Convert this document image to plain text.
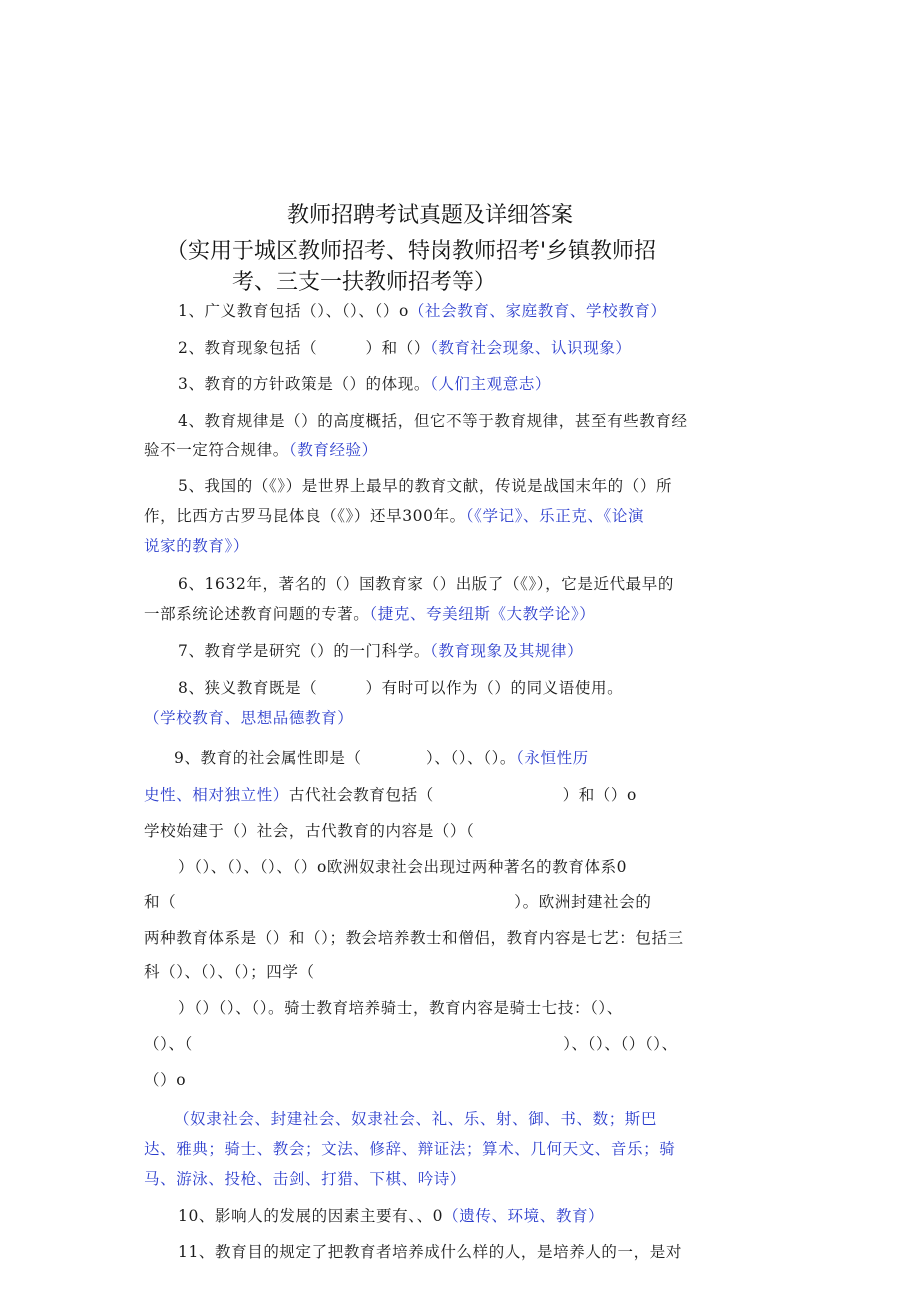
教师招聘考试真题及详细答案
（实用于城区教师招考、特岗教师招考'乡镇教师招
考、三支一扶教师招考等）
1、广义教育包括（）、（）、（）o（社会教育、家庭教育、学校教育）
2、教育现象包括（　　　）和（）（教育社会现象、认识现象）
3、教育的方针政策是（）的体现。（人们主观意志）
4、教育规律是（）的高度概括，但它不等于教育规律，甚至有些教育经
验不一定符合规律。（教育经验）
5、我国的（《》）是世界上最早的教育文献，传说是战国末年的（）所
作，比西方古罗马昆体良（《》）还早300年。（《学记》、乐正克、《论演
说家的教育》）
6、1632年，著名的（）国教育家（）出版了（《》），它是近代最早的
一部系统论述教育问题的专著。（捷克、夸美纽斯《大教学论》）
7、教育学是研究（）的一门科学。（教育现象及其规律）
8、狭义教育既是（　　　）有时可以作为（）的同义语使用。
（学校教育、思想品德教育）
9、教育的社会属性即是（　　　　）、（）、（）。（永恒性历
史性、相对独立性）古代社会教育包括（　　　　　　　　）和（）o
学校始建于（）社会，古代教育的内容是（）（
）（）、（）、（）、（）o欧洲奴隶社会出现过两种著名的教育体系0
和（　　　　　　　　　　　　　　　　　　　　　）。欧洲封建社会的
两种教育体系是（）和（）；教会培养教士和僧侣，教育内容是七艺：包括三
科（）、（）、（）；四学（
）（）（）、（）。骑士教育培养骑士，教育内容是骑士七技：（）、
（）、（　　　　　　　　　　　　　　　　　　　　　　　）、（）、（）（）、
（）o
（奴隶社会、封建社会、奴隶社会、礼、乐、射、御、书、数；斯巴
达、雅典；骑士、教会；文法、修辞、辩证法；算术、几何天文、音乐；骑
马、游泳、投枪、击剑、打猎、下棋、吟诗）
10、影响人的发展的因素主要有、、0（遗传、环境、教育）
11、教育目的规定了把教育者培养成什么样的人，是培养人的一，是对
